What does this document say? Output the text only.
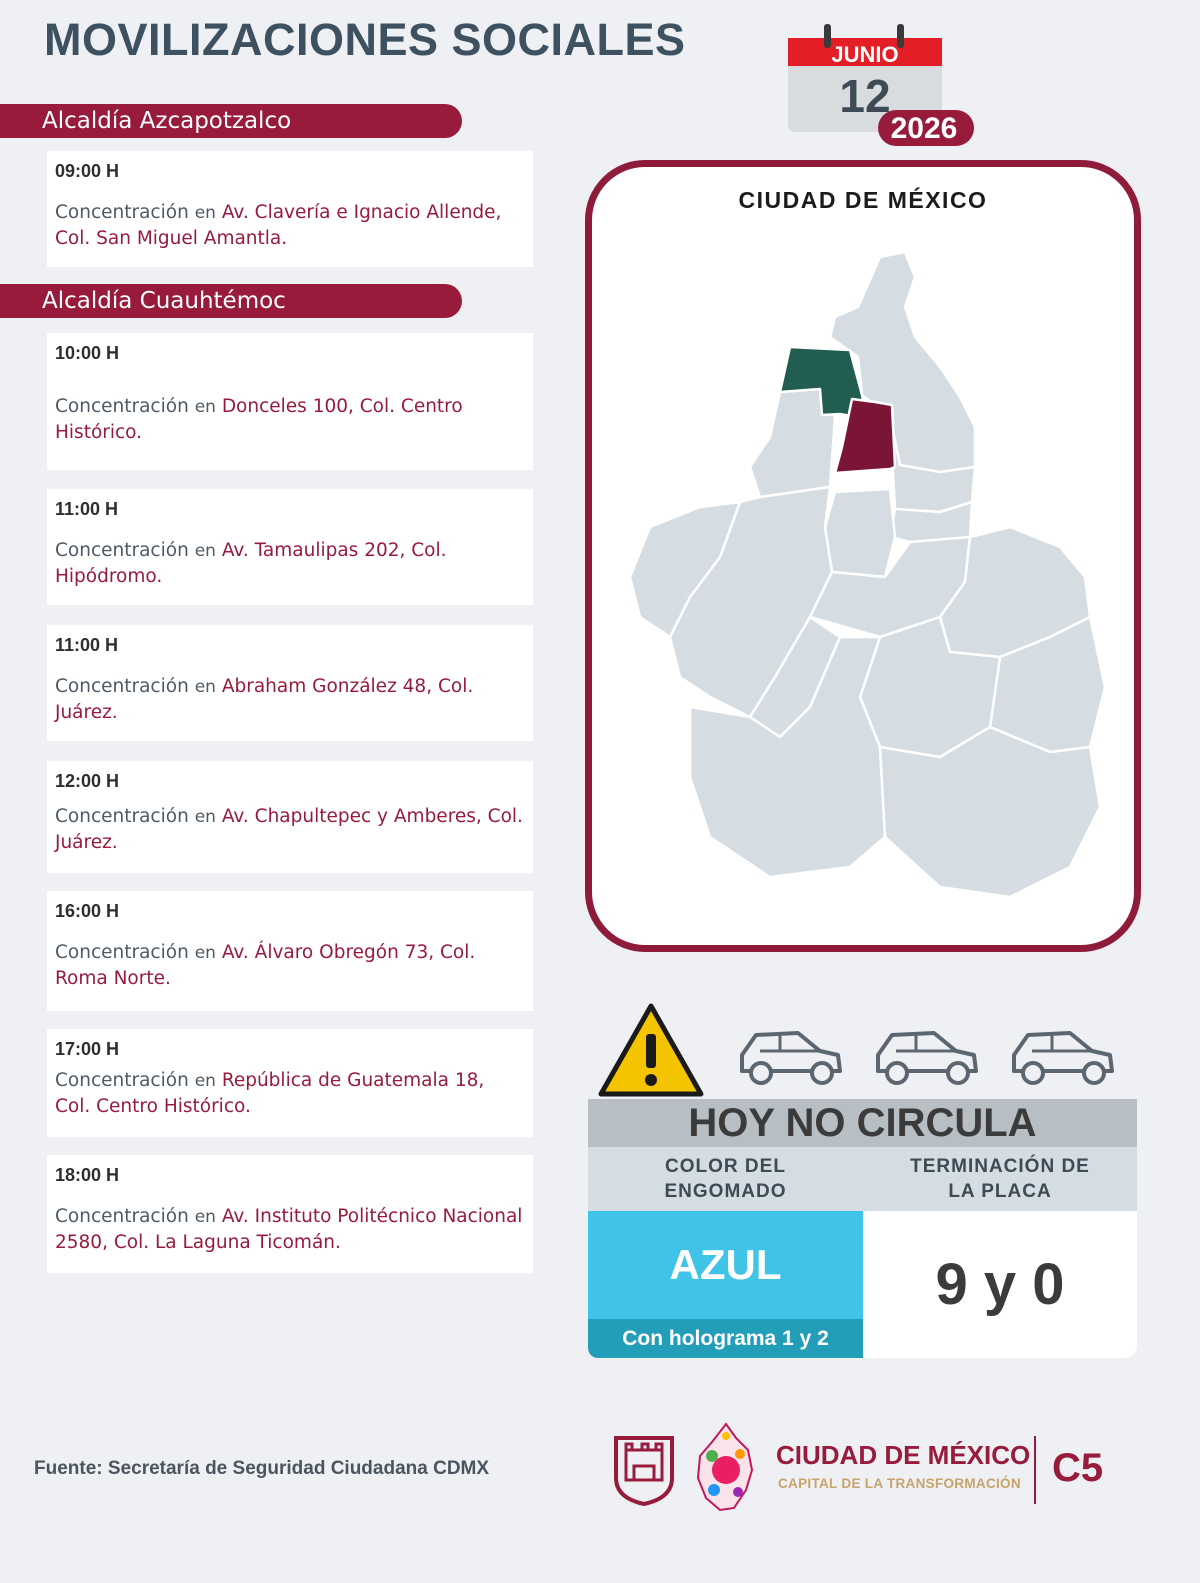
MOVILIZACIONES SOCIALES	JUNIO
12
2026
Alcaldía Azcapotzalco
09:00 H
Concentración en Av. Clavería e Ignacio Allende, Col. San Miguel Amantla.
Alcaldía Cuauhtémoc
10:00 H
Concentración en Donceles 100, Col. Centro Histórico.
11:00 H
Concentración en Av. Tamaulipas 202, Col. Hipódromo.
11:00 H
Concentración en Abraham González 48, Col. Juárez.
12:00 H
Concentración en Av. Chapultepec y Amberes, Col. Juárez.
16:00 H
Concentración en Av. Álvaro Obregón 73, Col. Roma Norte.
17:00 H
Concentración en República de Guatemala 18, Col. Centro Histórico.
18:00 H
Concentración en Av. Instituto Politécnico Nacional 2580, Col. La Laguna Ticomán.
CIUDAD DE MÉXICO
HOY NO CIRCULA
COLOR DEL ENGOMADO
TERMINACIÓN DE LA PLACA
AZUL
Con holograma 1 y 2
9 y 0
Fuente: Secretaría de Seguridad Ciudadana CDMX	CIUDAD DE MÉXICO
CAPITAL DE LA TRANSFORMACIÓN C5
